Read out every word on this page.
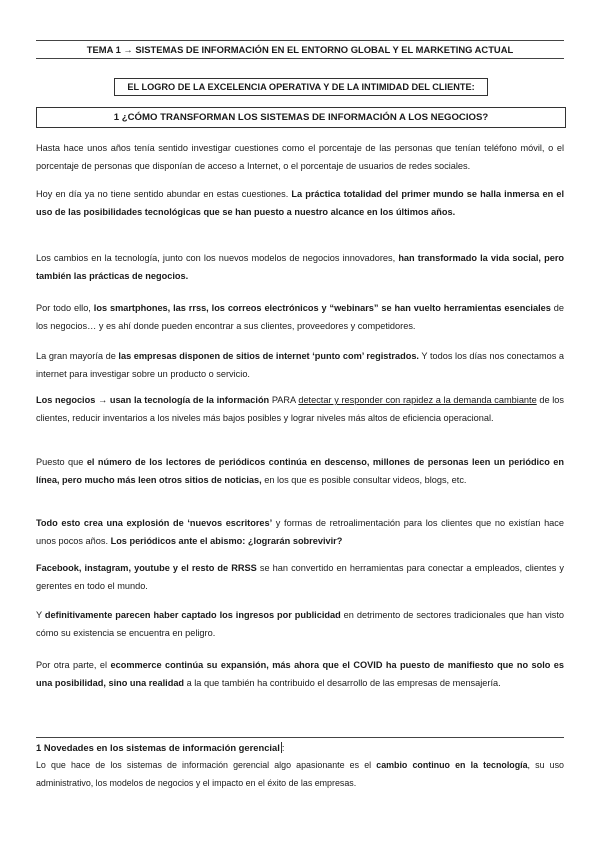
TEMA 1 → SISTEMAS DE INFORMACIÓN EN EL ENTORNO GLOBAL Y EL MARKETING ACTUAL
EL LOGRO DE LA EXCELENCIA OPERATIVA Y DE LA INTIMIDAD DEL CLIENTE:
1 ¿CÓMO TRANSFORMAN LOS SISTEMAS DE INFORMACIÓN A LOS NEGOCIOS?

Hasta hace unos años tenía sentido investigar cuestiones como el porcentaje de las personas que tenían teléfono móvil, o el porcentaje de personas que disponían de acceso a Internet, o el porcentaje de usuarios de redes sociales.

Hoy en día ya no tiene sentido abundar en estas cuestiones. La práctica totalidad del primer mundo se halla inmersa en el uso de las posibilidades tecnológicas que se han puesto a nuestro alcance en los últimos años.

Los cambios en la tecnología, junto con los nuevos modelos de negocios innovadores, han transformado la vida social, pero también las prácticas de negocios.

Por todo ello, los smartphones, las rrss, los correos electrónicos y “webinars” se han vuelto herramientas esenciales de los negocios… y es ahí donde pueden encontrar a sus clientes, proveedores y competidores.

La gran mayoría de las empresas disponen de sitios de internet ‘punto com’ registrados. Y todos los días nos conectamos a internet para investigar sobre un producto o servicio.

Los negocios → usan la tecnología de la información PARA detectar y responder con rapidez a la demanda cambiante de los clientes, reducir inventarios a los niveles más bajos posibles y lograr niveles más altos de eficiencia operacional.

Puesto que el número de los lectores de periódicos continúa en descenso, millones de personas leen un periódico en línea, pero mucho más leen otros sitios de noticias, en los que es posible consultar videos, blogs, etc.

Todo esto crea una explosión de ‘nuevos escritores’ y formas de retroalimentación para los clientes que no existían hace unos pocos años. Los periódicos ante el abismo: ¿lograrán sobrevivir?

Facebook, instagram, youtube y el resto de RRSS se han convertido en herramientas para conectar a empleados, clientes y gerentes en todo el mundo.

Y definitivamente parecen haber captado los ingresos por publicidad en detrimento de sectores tradicionales que han visto cómo su existencia se encuentra en peligro.

Por otra parte, el ecommerce continúa su expansión, más ahora que el COVID ha puesto de manifiesto que no solo es una posibilidad, sino una realidad a la que también ha contribuido el desarrollo de las empresas de mensajería.

1 Novedades en los sistemas de información gerencial :

Lo que hace de los sistemas de información gerencial algo apasionante es el cambio continuo en la tecnología, su uso administrativo, los modelos de negocios y el impacto en el éxito de las empresas.
